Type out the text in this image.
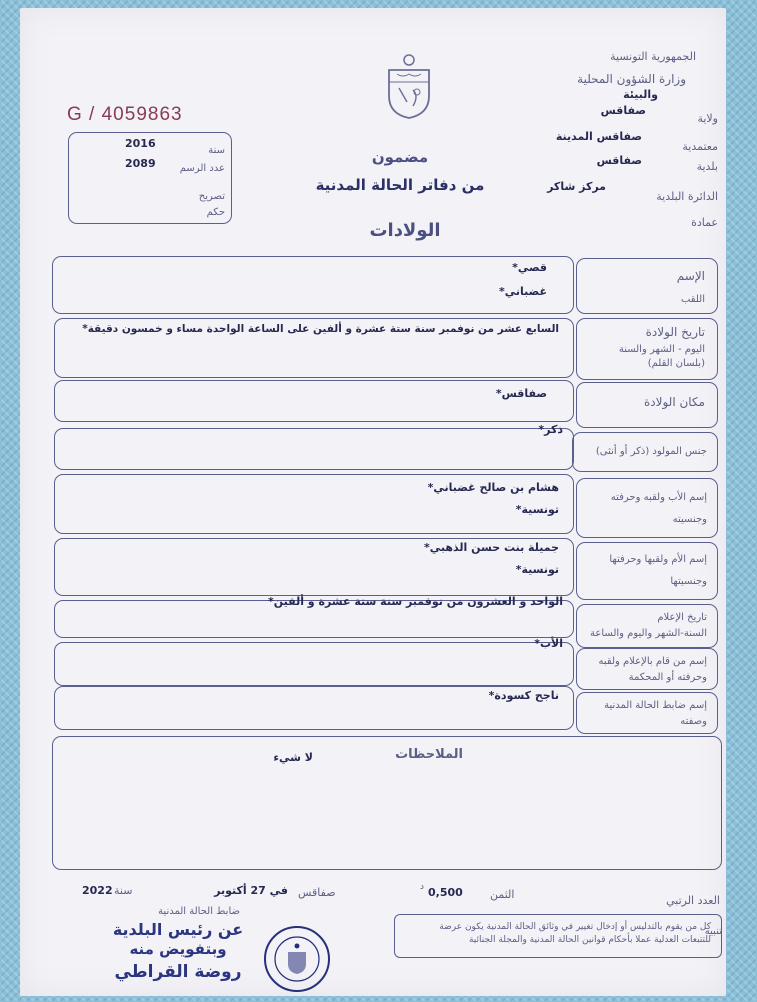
G / 4059863
الجمهورية التونسية
وزارة الشؤون المحلية
والبيئة
ولاية
صفاقس
معتمدية
صفاقس المدينة
بلدية
صفاقس
الدائرة البلدية
مركز شاكر
عمادة
سنة
2016
عدد الرسم
2089
تصريح
حكم
مضمون
من دفاتر الحالة المدنية
الولادات
قصي*
غضباني*
الإسم
اللقب
السابع عشر من نوفمبر سنة ستة عشرة و ألفين على الساعة الواحدة مساء و خمسون دقيقة*	تاريخ الولادة
اليوم - الشهر والسنة
(بلسان القلم)
صفاقس*
مكان الولادة
ذكر*
جنس المولود (ذكر أو أنثى)
هشام بن صالح غضباني*
تونسية*
إسم الأب ولقبه وحرفته
وجنسيته
جميلة بنت حسن الذهبي*
تونسية*
إسم الأم ولقبها وحرفتها
وجنسيتها
الواحد و العشرون من نوفمبر سنة ستة عشرة و ألفين*
تاريخ الإعلام
السنة-الشهر واليوم والساعة
الأب*
إسم من قام بالإعلام ولقبه
وحرفته أو المحكمة
ناجح كسودة*
إسم ضابط الحالة المدنية
وصفته
الملاحظات
لا شيء
العدد الرتبي
الثمن
0,500
د
صفاقس
في 27 أكتوبر
سنة
2022
ضابط الحالة المدنية
عن رئيس البلدية
وبتفويض منه
روضة القراطي
كل من يقوم بالتدليس أو إدخال تغيير في وثائق الحالة المدنية يكون عرضة للتتبعات العدلية عملا بأحكام قوانين الحالة المدنية والمجلة الجنائية
تنبيه
